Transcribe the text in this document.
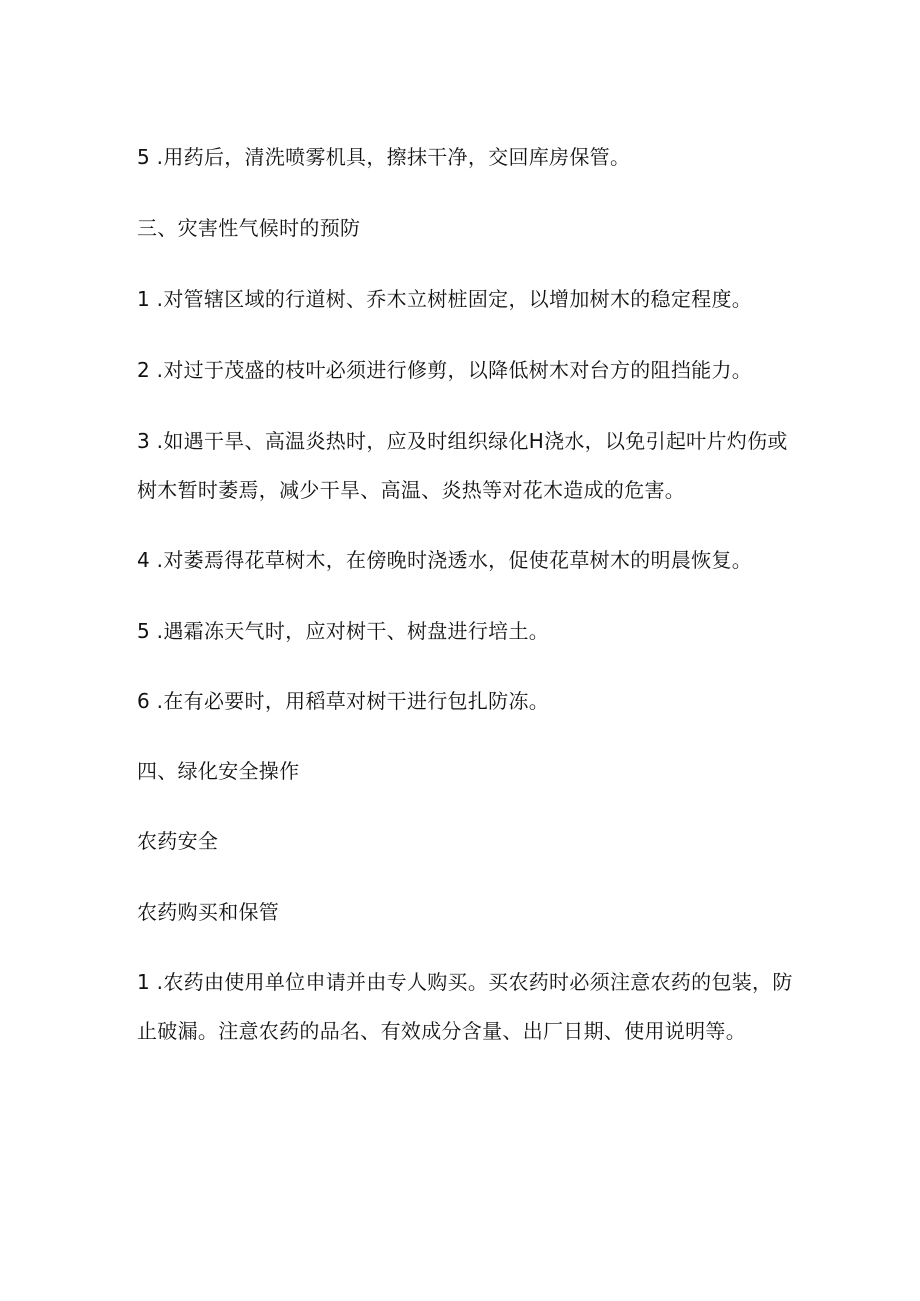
5 .用药后，清洗喷雾机具，擦抹干净，交回库房保管。
三、灾害性气候时的预防
1 .对管辖区域的行道树、乔木立树桩固定，以增加树木的稳定程度。
2 .对过于茂盛的枝叶必须进行修剪，以降低树木对台方的阻挡能力。
3 .如遇干旱、高温炎热时，应及时组织绿化H浇水，以免引起叶片灼伤或
树木暂时萎焉，减少干旱、高温、炎热等对花木造成的危害。
4 .对萎焉得花草树木，在傍晚时浇透水，促使花草树木的明晨恢复。
5 .遇霜冻天气时，应对树干、树盘进行培土。
6 .在有必要时，用稻草对树干进行包扎防冻。
四、绿化安全操作
农药安全
农药购买和保管
1 .农药由使用单位申请并由专人购买。买农药时必须注意农药的包装，防
止破漏。注意农药的品名、有效成分含量、出厂日期、使用说明等。
